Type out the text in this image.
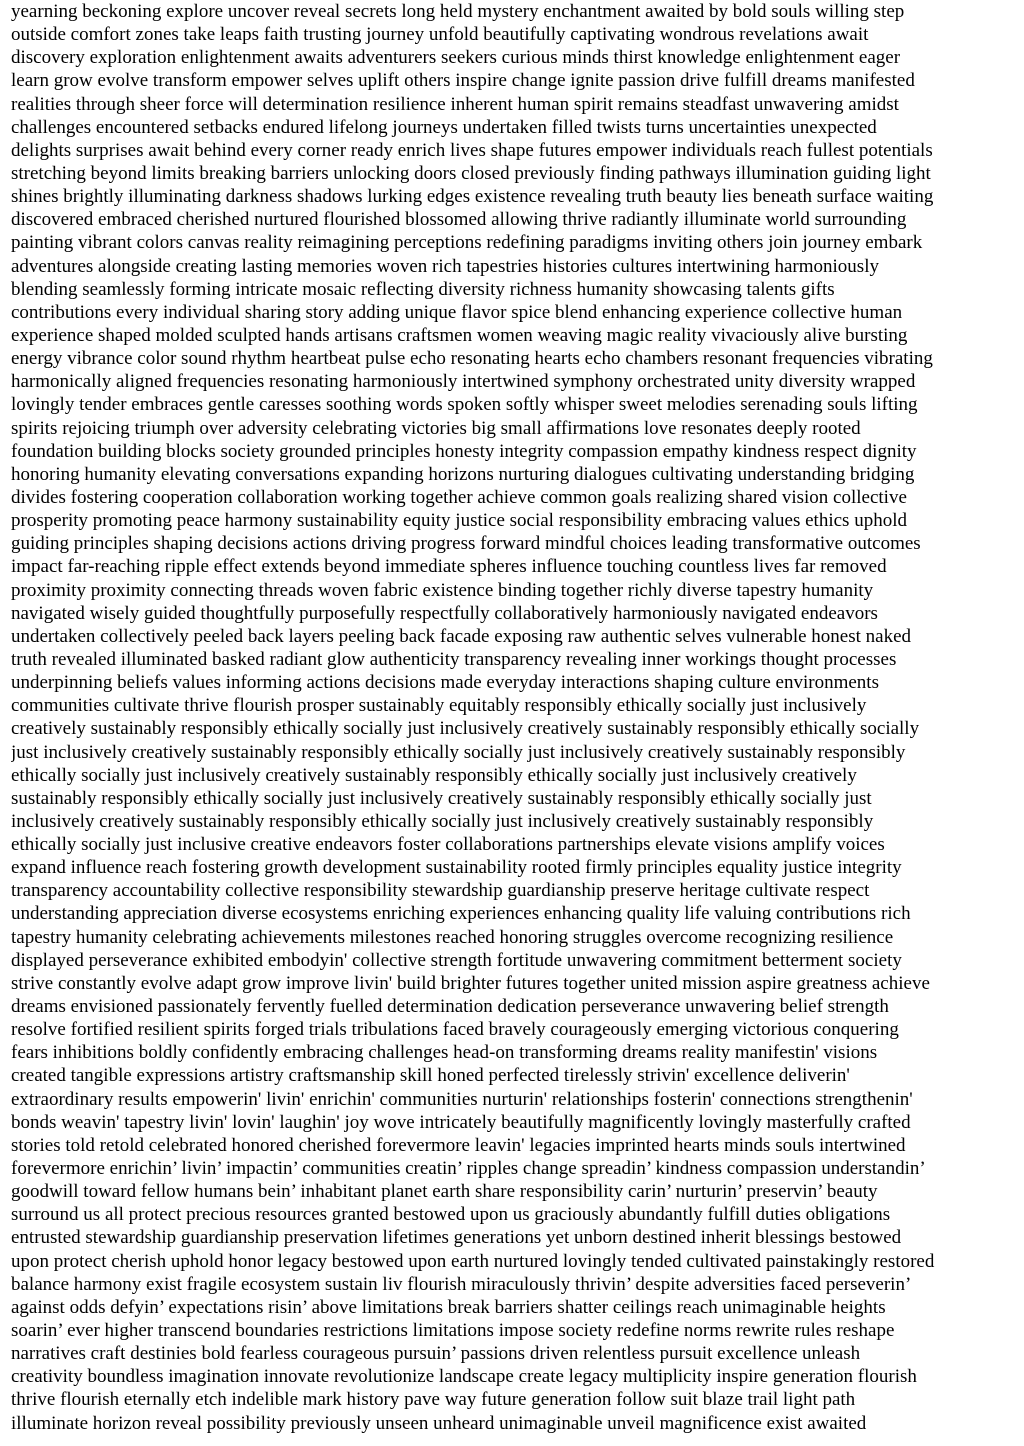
yearning beckoning explore uncover reveal secrets long held mystery enchantment awaited by bold souls willing step
outside comfort zones take leaps faith trusting journey unfold beautifully captivating wondrous revelations await
discovery exploration enlightenment awaits adventurers seekers curious minds thirst knowledge enlightenment eager
learn grow evolve transform empower selves uplift others inspire change ignite passion drive fulfill dreams manifested
realities through sheer force will determination resilience inherent human spirit remains steadfast unwavering amidst
challenges encountered setbacks endured lifelong journeys undertaken filled twists turns uncertainties unexpected
delights surprises await behind every corner ready enrich lives shape futures empower individuals reach fullest potentials
stretching beyond limits breaking barriers unlocking doors closed previously finding pathways illumination guiding light
shines brightly illuminating darkness shadows lurking edges existence revealing truth beauty lies beneath surface waiting
discovered embraced cherished nurtured flourished blossomed allowing thrive radiantly illuminate world surrounding
painting vibrant colors canvas reality reimagining perceptions redefining paradigms inviting others join journey embark
adventures alongside creating lasting memories woven rich tapestries histories cultures intertwining harmoniously
blending seamlessly forming intricate mosaic reflecting diversity richness humanity showcasing talents gifts
contributions every individual sharing story adding unique flavor spice blend enhancing experience collective human
experience shaped molded sculpted hands artisans craftsmen women weaving magic reality vivaciously alive bursting
energy vibrance color sound rhythm heartbeat pulse echo resonating hearts echo chambers resonant frequencies vibrating
harmonically aligned frequencies resonating harmoniously intertwined symphony orchestrated unity diversity wrapped
lovingly tender embraces gentle caresses soothing words spoken softly whisper sweet melodies serenading souls lifting
spirits rejoicing triumph over adversity celebrating victories big small affirmations love resonates deeply rooted
foundation building blocks society grounded principles honesty integrity compassion empathy kindness respect dignity
honoring humanity elevating conversations expanding horizons nurturing dialogues cultivating understanding bridging
divides fostering cooperation collaboration working together achieve common goals realizing shared vision collective
prosperity promoting peace harmony sustainability equity justice social responsibility embracing values ethics uphold
guiding principles shaping decisions actions driving progress forward mindful choices leading transformative outcomes
impact far-reaching ripple effect extends beyond immediate spheres influence touching countless lives far removed
proximity proximity connecting threads woven fabric existence binding together richly diverse tapestry humanity
navigated wisely guided thoughtfully purposefully respectfully collaboratively harmoniously navigated endeavors
undertaken collectively peeled back layers peeling back facade exposing raw authentic selves vulnerable honest naked
truth revealed illuminated basked radiant glow authenticity transparency revealing inner workings thought processes
underpinning beliefs values informing actions decisions made everyday interactions shaping culture environments
communities cultivate thrive flourish prosper sustainably equitably responsibly ethically socially just inclusively
creatively sustainably responsibly ethically socially just inclusively creatively sustainably responsibly ethically socially
just inclusively creatively sustainably responsibly ethically socially just inclusively creatively sustainably responsibly
ethically socially just inclusively creatively sustainably responsibly ethically socially just inclusively creatively
sustainably responsibly ethically socially just inclusively creatively sustainably responsibly ethically socially just
inclusively creatively sustainably responsibly ethically socially just inclusively creatively sustainably responsibly
ethically socially just inclusive creative endeavors foster collaborations partnerships elevate visions amplify voices
expand influence reach fostering growth development sustainability rooted firmly principles equality justice integrity
transparency accountability collective responsibility stewardship guardianship preserve heritage cultivate respect
understanding appreciation diverse ecosystems enriching experiences enhancing quality life valuing contributions rich
tapestry humanity celebrating achievements milestones reached honoring struggles overcome recognizing resilience
displayed perseverance exhibited embodyin' collective strength fortitude unwavering commitment betterment society
strive constantly evolve adapt grow improve livin' build brighter futures together united mission aspire greatness achieve
dreams envisioned passionately fervently fuelled determination dedication perseverance unwavering belief strength
resolve fortified resilient spirits forged trials tribulations faced bravely courageously emerging victorious conquering
fears inhibitions boldly confidently embracing challenges head-on transforming dreams reality manifestin' visions
created tangible expressions artistry craftsmanship skill honed perfected tirelessly strivin' excellence deliverin'
extraordinary results empowerin' livin' enrichin' communities nurturin' relationships fosterin' connections strengthenin'
bonds weavin' tapestry livin' lovin' laughin' joy wove intricately beautifully magnificently lovingly masterfully crafted
stories told retold celebrated honored cherished forevermore leavin' legacies imprinted hearts minds souls intertwined
forevermore enrichin’ livin’ impactin’ communities creatin’ ripples change spreadin’ kindness compassion understandin’
goodwill toward fellow humans bein’ inhabitant planet earth share responsibility carin’ nurturin’ preservin’ beauty
surround us all protect precious resources granted bestowed upon us graciously abundantly fulfill duties obligations
entrusted stewardship guardianship preservation lifetimes generations yet unborn destined inherit blessings bestowed
upon protect cherish uphold honor legacy bestowed upon earth nurtured lovingly tended cultivated painstakingly restored
balance harmony exist fragile ecosystem sustain liv flourish miraculously thrivin’ despite adversities faced perseverin’
against odds defyin’ expectations risin’ above limitations break barriers shatter ceilings reach unimaginable heights
soarin’ ever higher transcend boundaries restrictions limitations impose society redefine norms rewrite rules reshape
narratives craft destinies bold fearless courageous pursuin’ passions driven relentless pursuit excellence unleash
creativity boundless imagination innovate revolutionize landscape create legacy multiplicity inspire generation flourish
thrive flourish eternally etch indelible mark history pave way future generation follow suit blaze trail light path
illuminate horizon reveal possibility previously unseen unheard unimaginable unveil magnificence exist awaited
